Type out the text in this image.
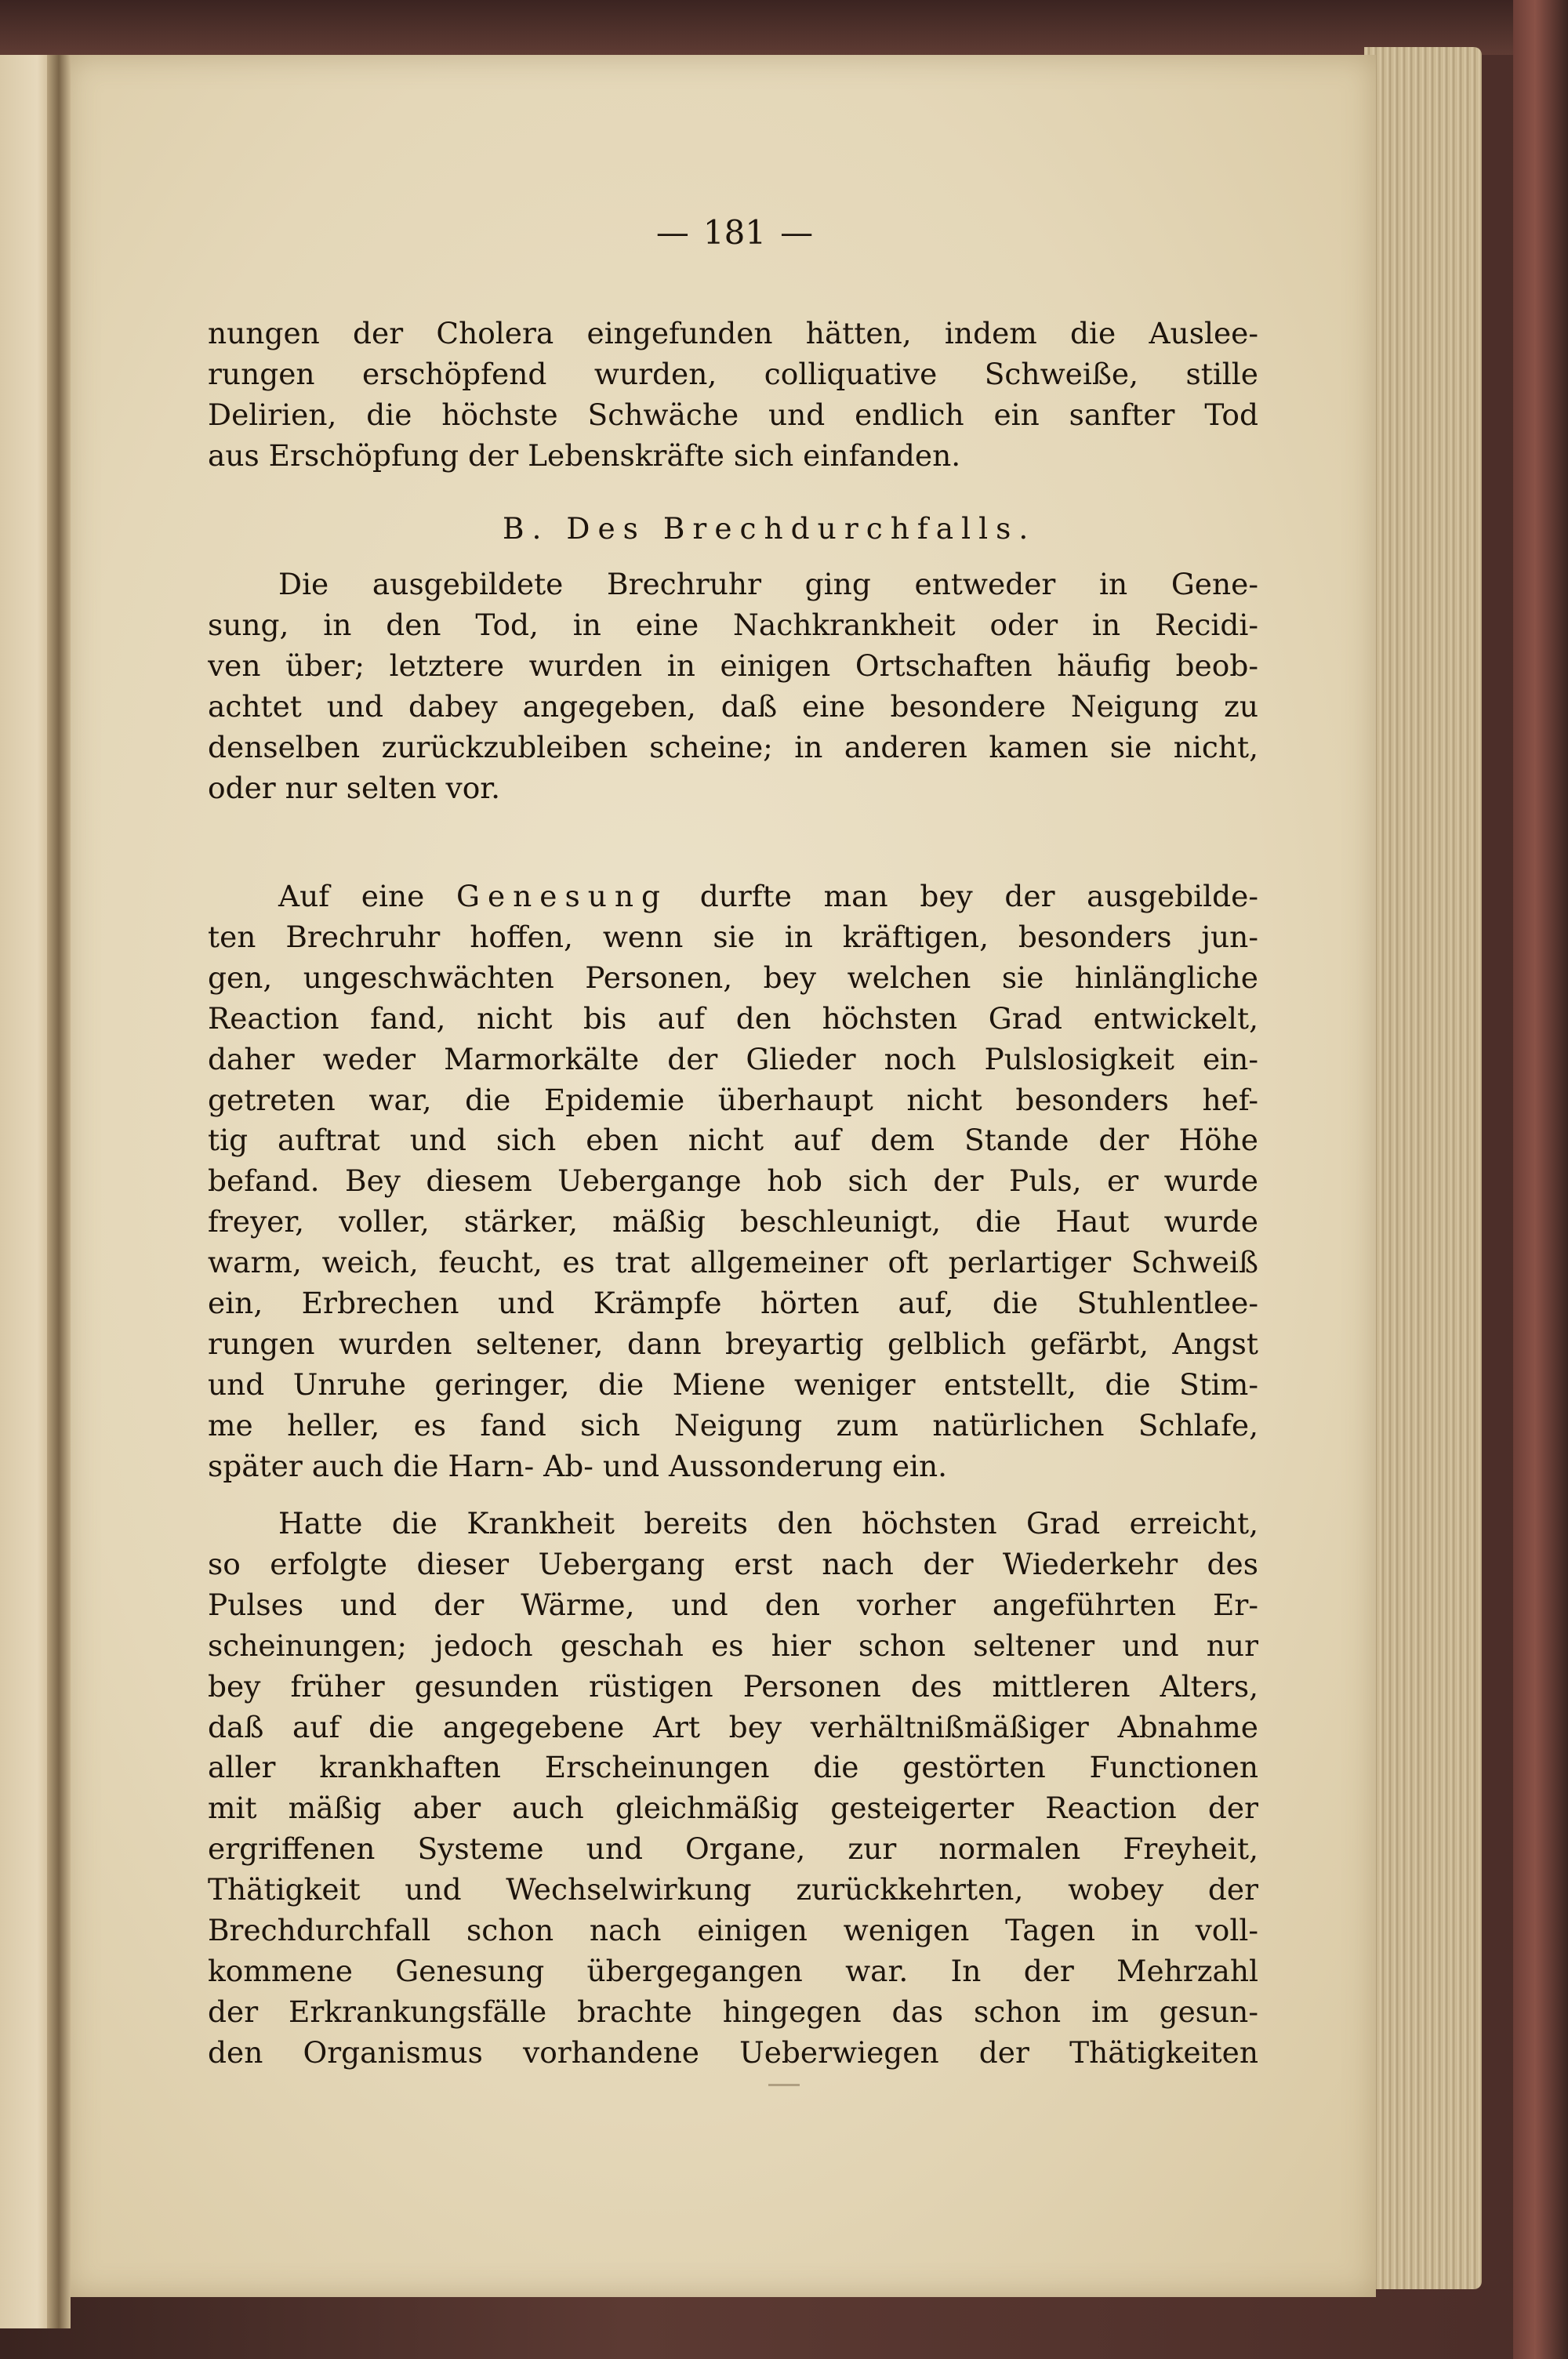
— 181 —
nungen der Cholera eingefunden hätten, indem die Auslee-
rungen erschöpfend wurden, colliquative Schweiße, stille
Delirien, die höchste Schwäche und endlich ein sanfter Tod
aus Erschöpfung der Lebenskräfte sich einfanden.
B. Des Brechdurchfalls.
Die ausgebildete Brechruhr ging entweder in Gene-
sung, in den Tod, in eine Nachkrankheit oder in Recidi-
ven über; letztere wurden in einigen Ortschaften häufig beob-
achtet und dabey angegeben, daß eine besondere Neigung zu
denselben zurückzubleiben scheine; in anderen kamen sie nicht,
oder nur selten vor.
Auf eine Genesung durfte man bey der ausgebilde-
ten Brechruhr hoffen, wenn sie in kräftigen, besonders jun-
gen, ungeschwächten Personen, bey welchen sie hinlängliche
Reaction fand, nicht bis auf den höchsten Grad entwickelt,
daher weder Marmorkälte der Glieder noch Pulslosigkeit ein-
getreten war, die Epidemie überhaupt nicht besonders hef-
tig auftrat und sich eben nicht auf dem Stande der Höhe
befand. Bey diesem Uebergange hob sich der Puls, er wurde
freyer, voller, stärker, mäßig beschleunigt, die Haut wurde
warm, weich, feucht, es trat allgemeiner oft perlartiger Schweiß
ein, Erbrechen und Krämpfe hörten auf, die Stuhlentlee-
rungen wurden seltener, dann breyartig gelblich gefärbt, Angst
und Unruhe geringer, die Miene weniger entstellt, die Stim-
me heller, es fand sich Neigung zum natürlichen Schlafe,
später auch die Harn- Ab- und Aussonderung ein.
Hatte die Krankheit bereits den höchsten Grad erreicht,
so erfolgte dieser Uebergang erst nach der Wiederkehr des
Pulses und der Wärme, und den vorher angeführten Er-
scheinungen; jedoch geschah es hier schon seltener und nur
bey früher gesunden rüstigen Personen des mittleren Alters,
daß auf die angegebene Art bey verhältnißmäßiger Abnahme
aller krankhaften Erscheinungen die gestörten Functionen
mit mäßig aber auch gleichmäßig gesteigerter Reaction der
ergriffenen Systeme und Organe, zur normalen Freyheit,
Thätigkeit und Wechselwirkung zurückkehrten, wobey der
Brechdurchfall schon nach einigen wenigen Tagen in voll-
kommene Genesung übergegangen war. In der Mehrzahl
der Erkrankungsfälle brachte hingegen das schon im gesun-
den Organismus vorhandene Ueberwiegen der Thätigkeiten
